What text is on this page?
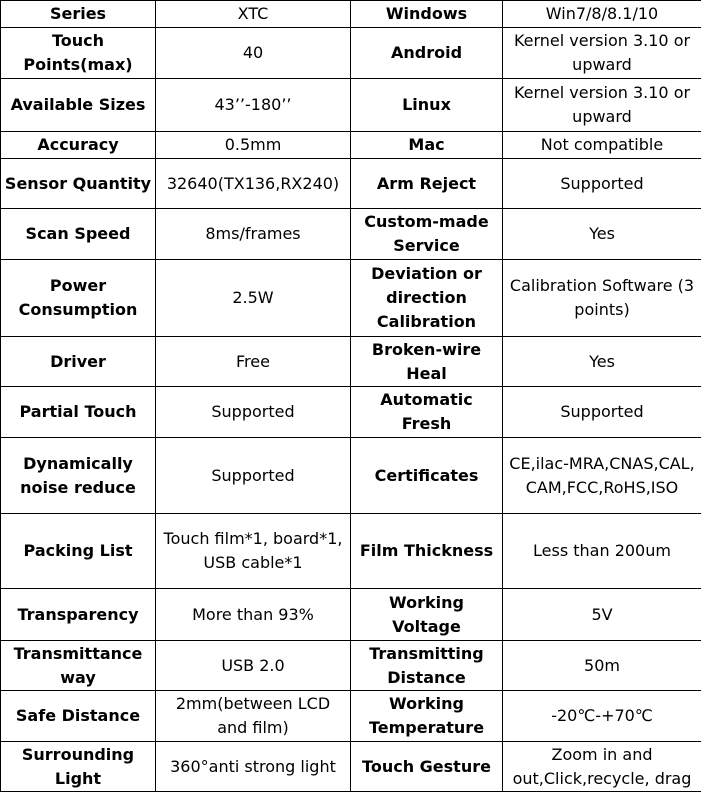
Series	XTC	Windows	Win7/8/8.1/10
Touch Points(max)	40	Android	Kernel version 3.10 or upward
Available Sizes	43’’-180’’	Linux	Kernel version 3.10 or upward
Accuracy	0.5mm	Mac	Not compatible
Sensor Quantity	32640(TX136,RX240)	Arm Reject	Supported
Scan Speed	8ms/frames	Custom-made Service	Yes
Power Consumption	2.5W	Deviation or direction Calibration	Calibration Software (3 points)
Driver	Free	Broken-wire Heal	Yes
Partial Touch	Supported	Automatic Fresh	Supported
Dynamically noise reduce	Supported	Certificates	CE,ilac-MRA,CNAS,CAL, CAM,FCC,RoHS,ISO
Packing List	Touch film*1, board*1, USB cable*1	Film Thickness	Less than 200um
Transparency	More than 93%	Working Voltage	5V
Transmittance way	USB 2.0	Transmitting Distance	50m
Safe Distance	2mm(between LCD and film)	Working Temperature	-20℃-+70℃
Surrounding Light	360°anti strong light	Touch Gesture	Zoom in and out,Click,recycle, drag
